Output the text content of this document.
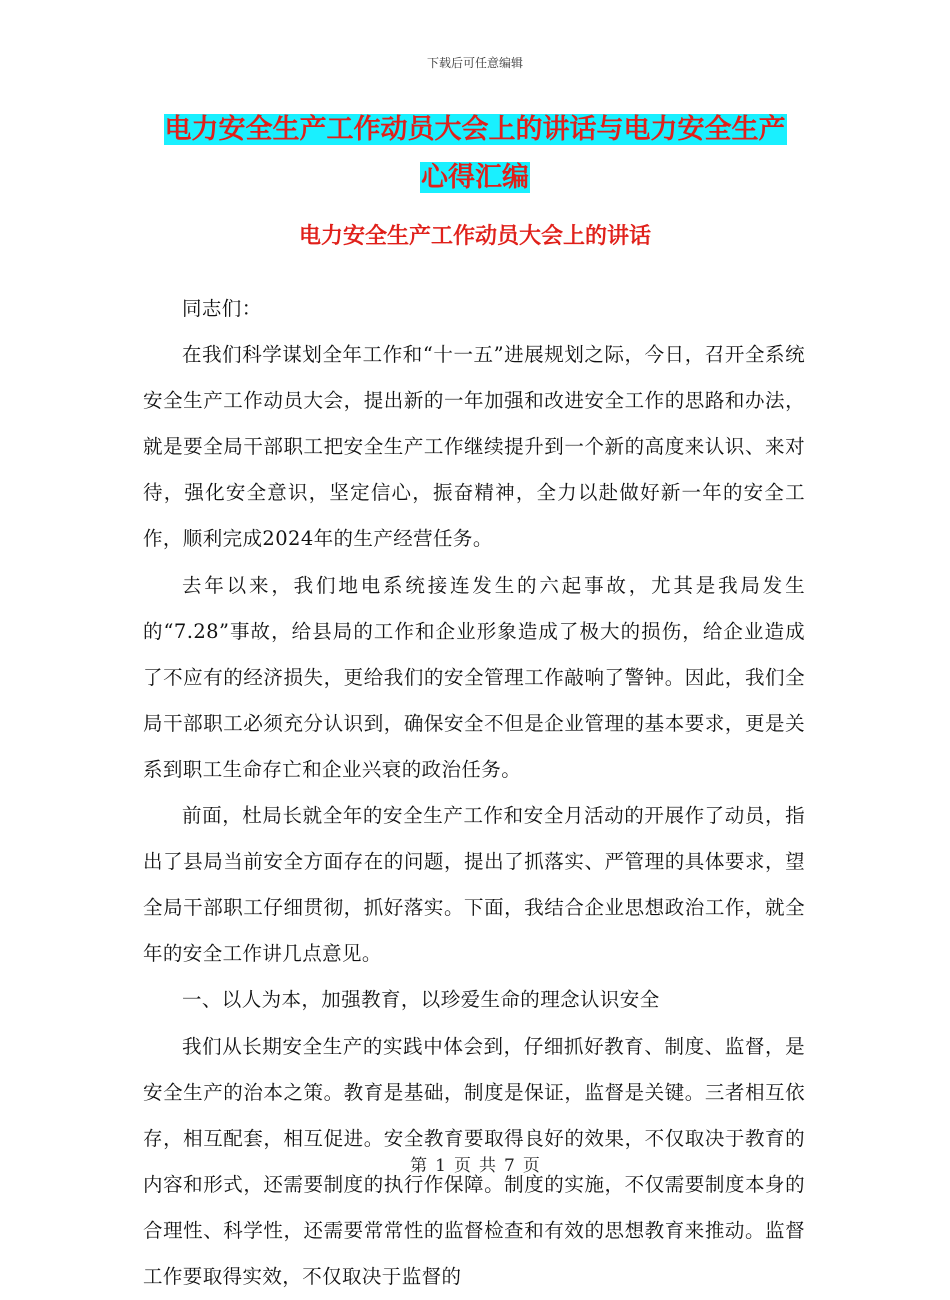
下载后可任意编辑
电力安全生产工作动员大会上的讲话与电力安全生产
心得汇编
电力安全生产工作动员大会上的讲话

同志们：

在我们科学谋划全年工作和“十一五”进展规划之际，今日，召开全系统安全生产工作动员大会，提出新的一年加强和改进安全工作的思路和办法，就是要全局干部职工把安全生产工作继续提升到一个新的高度来认识、来对待，强化安全意识，坚定信心，振奋精神，全力以赴做好新一年的安全工作，顺利完成2024年的生产经营任务。

去年以来，我们地电系统接连发生的六起事故，尤其是我局发生的“7.28”事故，给县局的工作和企业形象造成了极大的损伤，给企业造成了不应有的经济损失，更给我们的安全管理工作敲响了警钟。因此，我们全局干部职工必须充分认识到，确保安全不但是企业管理的基本要求，更是关系到职工生命存亡和企业兴衰的政治任务。

前面，杜局长就全年的安全生产工作和安全月活动的开展作了动员，指出了县局当前安全方面存在的问题，提出了抓落实、严管理的具体要求，望全局干部职工仔细贯彻，抓好落实。下面，我结合企业思想政治工作，就全年的安全工作讲几点意见。

一、以人为本，加强教育，以珍爱生命的理念认识安全

我们从长期安全生产的实践中体会到，仔细抓好教育、制度、监督，是安全生产的治本之策。教育是基础，制度是保证，监督是关键。三者相互依存，相互配套，相互促进。安全教育要取得良好的效果，不仅取决于教育的内容和形式，还需要制度的执行作保障。制度的实施，不仅需要制度本身的合理性、科学性，还需要常常性的监督检查和有效的思想教育来推动。监督工作要取得实效，不仅取决于监督的

第 1 页 共 7 页
